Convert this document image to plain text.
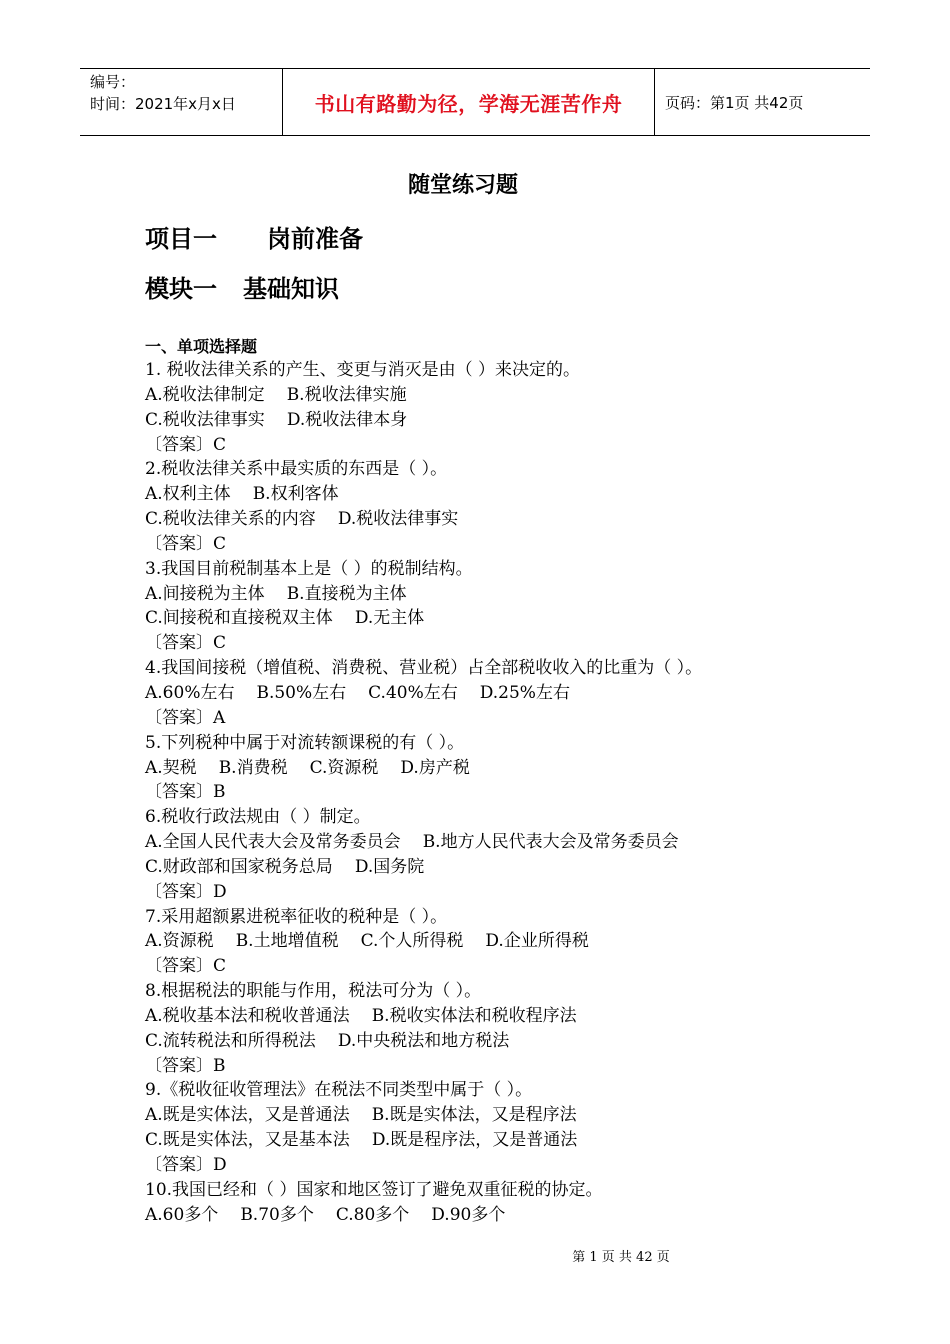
编号：
时间：2021年x月x日	书山有路勤为径，学海无涯苦作舟	页码：第1页 共42页
随堂练习题
项目一 岗前准备
模块一 基础知识
一、单项选择题
1. 税收法律关系的产生、变更与消灭是由（ ）来决定的。
A.税收法律制定 B.税收法律实施
C.税收法律事实 D.税收法律本身
〔答案〕C
2.税收法律关系中最实质的东西是（ ）。
A.权利主体 B.权利客体
C.税收法律关系的内容 D.税收法律事实
〔答案〕C
3.我国目前税制基本上是（ ）的税制结构。
A.间接税为主体 B.直接税为主体
C.间接税和直接税双主体 D.无主体
〔答案〕C
4.我国间接税（增值税、消费税、营业税）占全部税收收入的比重为（ ）。
A.60%左右 B.50%左右 C.40%左右 D.25%左右
〔答案〕A
5.下列税种中属于对流转额课税的有（ ）。
A.契税 B.消费税 C.资源税 D.房产税
〔答案〕B
6.税收行政法规由（ ）制定。
A.全国人民代表大会及常务委员会 B.地方人民代表大会及常务委员会
C.财政部和国家税务总局 D.国务院
〔答案〕D
7.采用超额累进税率征收的税种是（ ）。
A.资源税 B.土地增值税 C.个人所得税 D.企业所得税
〔答案〕C
8.根据税法的职能与作用，税法可分为（ ）。
A.税收基本法和税收普通法 B.税收实体法和税收程序法
C.流转税法和所得税法 D.中央税法和地方税法
〔答案〕B
9.《税收征收管理法》在税法不同类型中属于（ ）。
A.既是实体法，又是普通法 B.既是实体法，又是程序法
C.既是实体法，又是基本法 D.既是程序法，又是普通法
〔答案〕D
10.我国已经和（ ）国家和地区签订了避免双重征税的协定。
A.60多个 B.70多个 C.80多个 D.90多个
第 1 页 共 42 页
